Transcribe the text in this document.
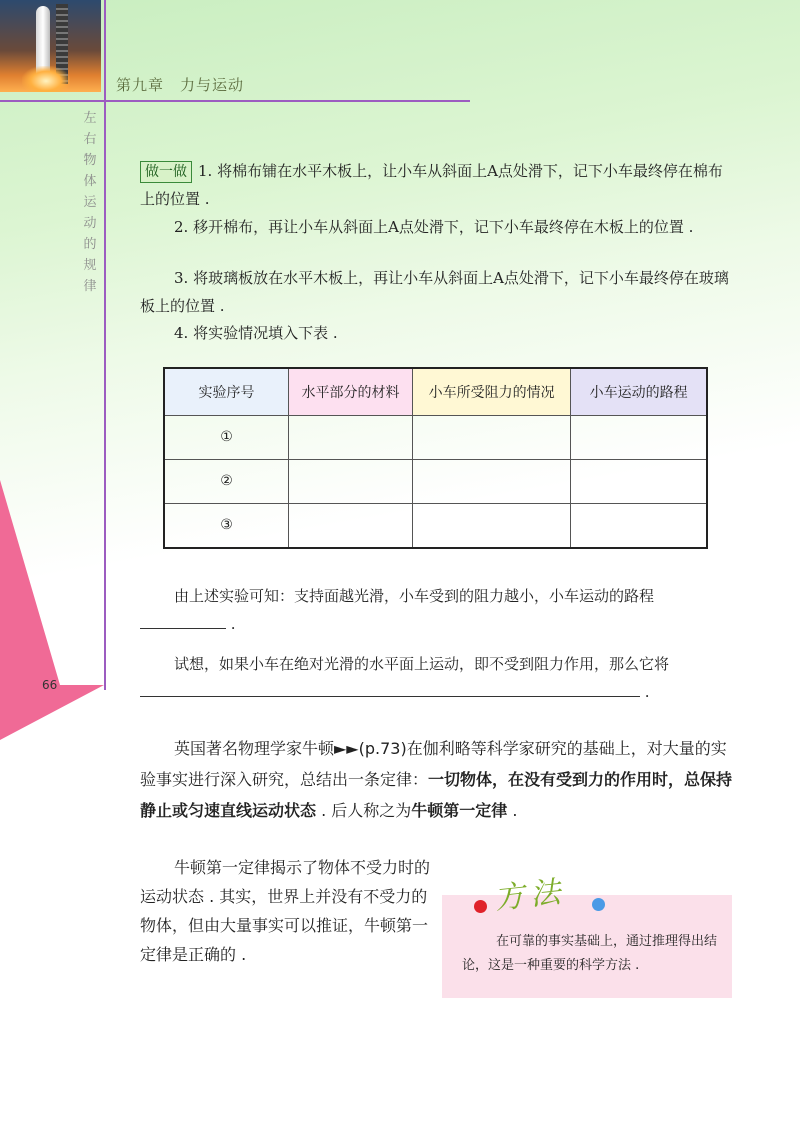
第九章　力与运动
左右物体运动的规律
66
做一做 1. 将棉布铺在水平木板上，让小车从斜面上A点处滑下，记下小车最终停在棉布上的位置 .
2. 移开棉布，再让小车从斜面上A点处滑下，记下小车最终停在木板上的位置 .
3. 将玻璃板放在水平木板上，再让小车从斜面上A点处滑下，记下小车最终停在玻璃板上的位置 .
4. 将实验情况填入下表 .
实验序号	水平部分的材料	小车所受阻力的情况	小车运动的路程
①			
②			
③			
由上述实验可知：支持面越光滑，小车受到的阻力越小，小车运动的路程 .
试想，如果小车在绝对光滑的水平面上运动，即不受到阻力作用，那么它将 .
英国著名物理学家牛顿►►(p.73)在伽利略等科学家研究的基础上，对大量的实验事实进行深入研究，总结出一条定律：一切物体，在没有受到力的作用时，总保持静止或匀速直线运动状态 . 后人称之为牛顿第一定律 .
牛顿第一定律揭示了物体不受力时的运动状态 . 其实，世界上并没有不受力的物体，但由大量事实可以推证，牛顿第一定律是正确的 .
方法
在可靠的事实基础上，通过推理得出结论，这是一种重要的科学方法 .
